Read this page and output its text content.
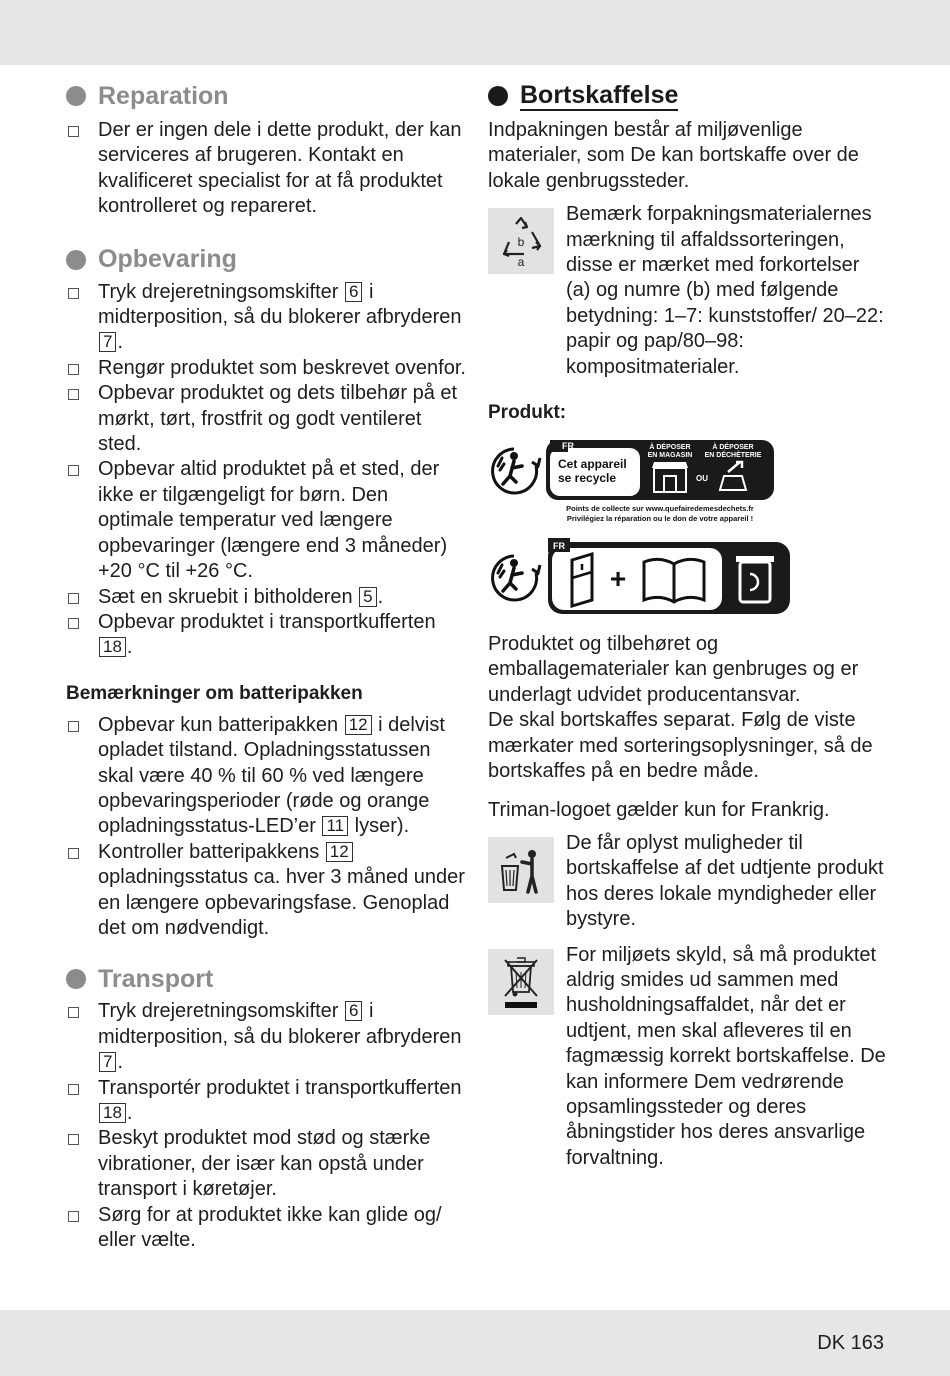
Reparation
Der er ingen dele i dette produkt, der kan serviceres af brugeren. Kontakt en kvalificeret specialist for at få produktet kontrolleret og repareret.
Opbevaring
Tryk drejeretningsomskifter 6 i midterposition, så du blokerer afbryderen 7 .
Rengør produktet som beskrevet ovenfor.
Opbevar produktet og dets tilbehør på et mørkt, tørt, frostfrit og godt ventileret sted.
Opbevar altid produktet på et sted, der ikke er tilgængeligt for børn. Den optimale temperatur ved længere opbevaringer (længere end 3 måneder) +20 °C til +26 °C.
Sæt en skruebit i bitholderen 5 .
Opbevar produktet i transportkufferten 18 .
Bemærkninger om batteripakken
Opbevar kun batteripakken 12 i delvist opladet tilstand. Opladningsstatussen skal være 40 % til 60 % ved længere opbevaringsperioder (røde og orange opladningsstatus-LED’er 11 lyser).
Kontroller batteripakkens 12 opladningsstatus ca. hver 3 måned under en længere opbevaringsfase. Genoplad det om nødvendigt.
Transport
Tryk drejeretningsomskifter 6 i midterposition, så du blokerer afbryderen 7 .
Transportér produktet i transportkufferten 18 .
Beskyt produktet mod stød og stærke vibrationer, der især kan opstå under transport i køretøjer.
Sørg for at produktet ikke kan glide og/ eller vælte.
Bortskaffelse

Indpakningen består af miljøvenlige materialer, som De kan bortskaffe over de lokale genbrugssteder.

b
a

Bemærk forpakningsmaterialernes mærkning til affaldssorteringen, disse er mærket med forkortelser (a) og numre (b) med følgende betydning: 1–7: kunststoffer/ 20–22: papir og pap/80–98: kompositmaterialer.

Produkt:
FR
Cet appareil
se recycle
À DÉPOSER
EN MAGASIN
À DÉPOSER
EN DÉCHÈTERIE
OU
Points de collecte sur www.quefairedemesdechets.fr
Privilégiez la réparation ou le don de votre appareil !
FR
+

Produktet og tilbehøret og emballagematerialer kan genbruges og er underlagt udvidet producentansvar.

De skal bortskaffes separat. Følg de viste mærkater med sorteringsoplysninger, så de bortskaffes på en bedre måde.

Triman-logoet gælder kun for Frankrig.

De får oplyst muligheder til bortskaffelse af det udtjente produkt hos deres lokale myndigheder eller bystyre.

For miljøets skyld, så må produktet aldrig smides ud sammen med husholdningsaffaldet, når det er udtjent, men skal afleveres til en fagmæssig korrekt bortskaffelse. De kan informere Dem vedrørende opsamlingssteder og deres åbningstider hos deres ansvarlige forvaltning.

DK 163
